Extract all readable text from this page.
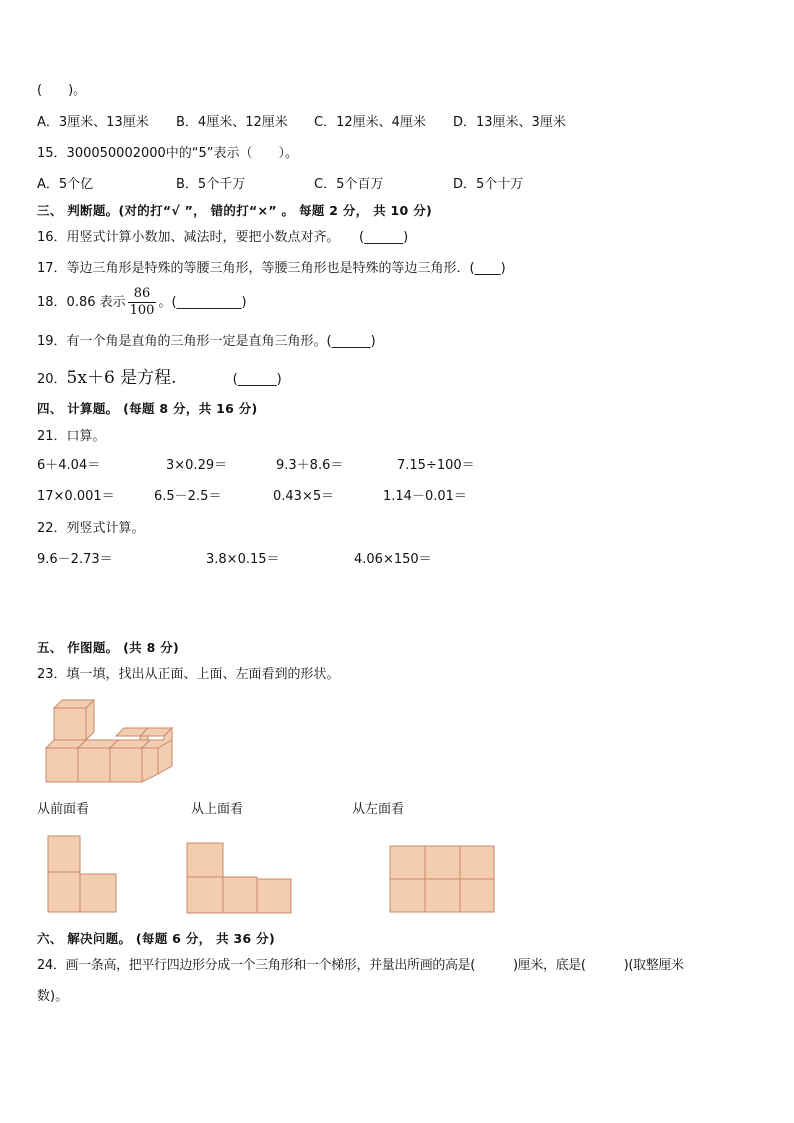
(　　)。
A．3厘米、13厘米 B．4厘米、12厘米 C．12厘米、4厘米 D．13厘米、3厘米
15．300050002000中的“5”表示（　　）。
A．5个亿	B．5个千万	C．5个百万	D．5个十万
三、 判断题。(对的打“√ ”， 错的打“×” 。 每题 2 分， 共 10 分)
16．用竖式计算小数加、减法时，要把小数点对齐。　　(______)
17．等边三角形是特殊的等腰三角形，等腰三角形也是特殊的等边三角形．(____)
18．0.86 表示 $\frac{86}{100}$ 。(__________)
19．有一个角是直角的三角形一定是直角三角形。(______)
20．5x＋6 是方程.	(______)
四、 计算题。 (每题 8 分，共 16 分)
21．口算。
6＋4.04＝	3×0.29＝	9.3＋8.6＝	7.15÷100＝
17×0.001＝	6.5－2.5＝	0.43×5＝	1.14－0.01＝
22．列竖式计算。
9.6－2.73＝	3.8×0.15＝	4.06×150＝
五、 作图题。 (共 8 分)
23．填一填，找出从正面、上面、左面看到的形状。
从前面看	从上面看	从左面看
六、 解决问题。 (每题 6 分， 共 36 分)
24．画一条高，把平行四边形分成一个三角形和一个梯形，并量出所画的高是(　　　)厘米，底是(　　　)(取整厘米
数)。
